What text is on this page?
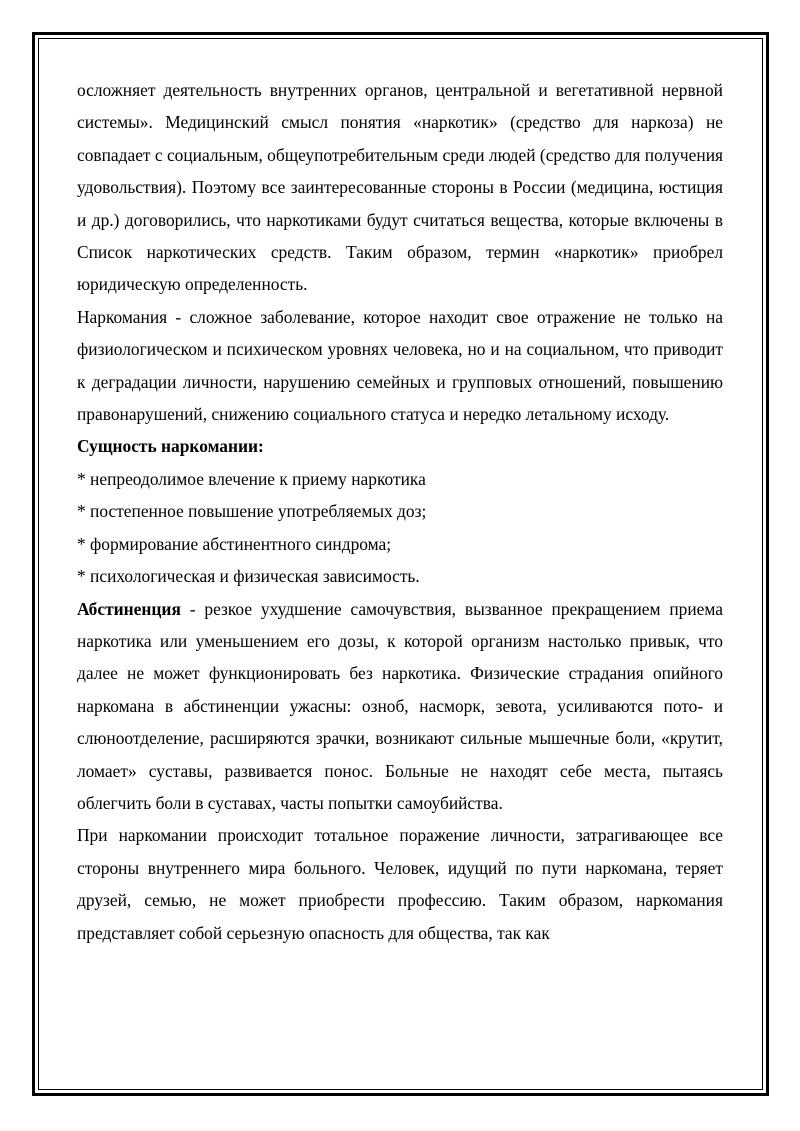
осложняет деятельность внутренних органов, центральной и вегетативной нервной системы». Медицинский смысл понятия «наркотик» (средство для наркоза) не совпадает с социальным, общеупотребительным среди людей (средство для получения удовольствия). Поэтому все заинтересованные стороны в России (медицина, юстиция и др.) договорились, что наркотиками будут считаться вещества, которые включены в Список наркотических средств. Таким образом, термин «наркотик» приобрел юридическую определенность.

Наркомания - сложное заболевание, которое находит свое отражение не только на физиологическом и психическом уровнях человека, но и на социальном, что приводит к деградации личности, нарушению семейных и групповых отношений, повышению правонарушений, снижению социального статуса и нередко летальному исходу.

Сущность наркомании:

* непреодолимое влечение к приему наркотика

* постепенное повышение употребляемых доз;

* формирование абстинентного синдрома;

* психологическая и физическая зависимость.

Абстиненция - резкое ухудшение самочувствия, вызванное прекращением приема наркотика или уменьшением его дозы, к которой организм настолько привык, что далее не может функционировать без наркотика. Физические страдания опийного наркомана в абстиненции ужасны: озноб, насморк, зевота, усиливаются пото- и слюноотделение, расширяются зрачки, возникают сильные мышечные боли, «крутит, ломает» суставы, развивается понос. Больные не находят себе места, пытаясь облегчить боли в суставах, часты попытки самоубийства.

При наркомании происходит тотальное поражение личности, затрагивающее все стороны внутреннего мира больного. Человек, идущий по пути наркомана, теряет друзей, семью, не может приобрести профессию. Таким образом, наркомания представляет собой серьезную опасность для общества, так как
